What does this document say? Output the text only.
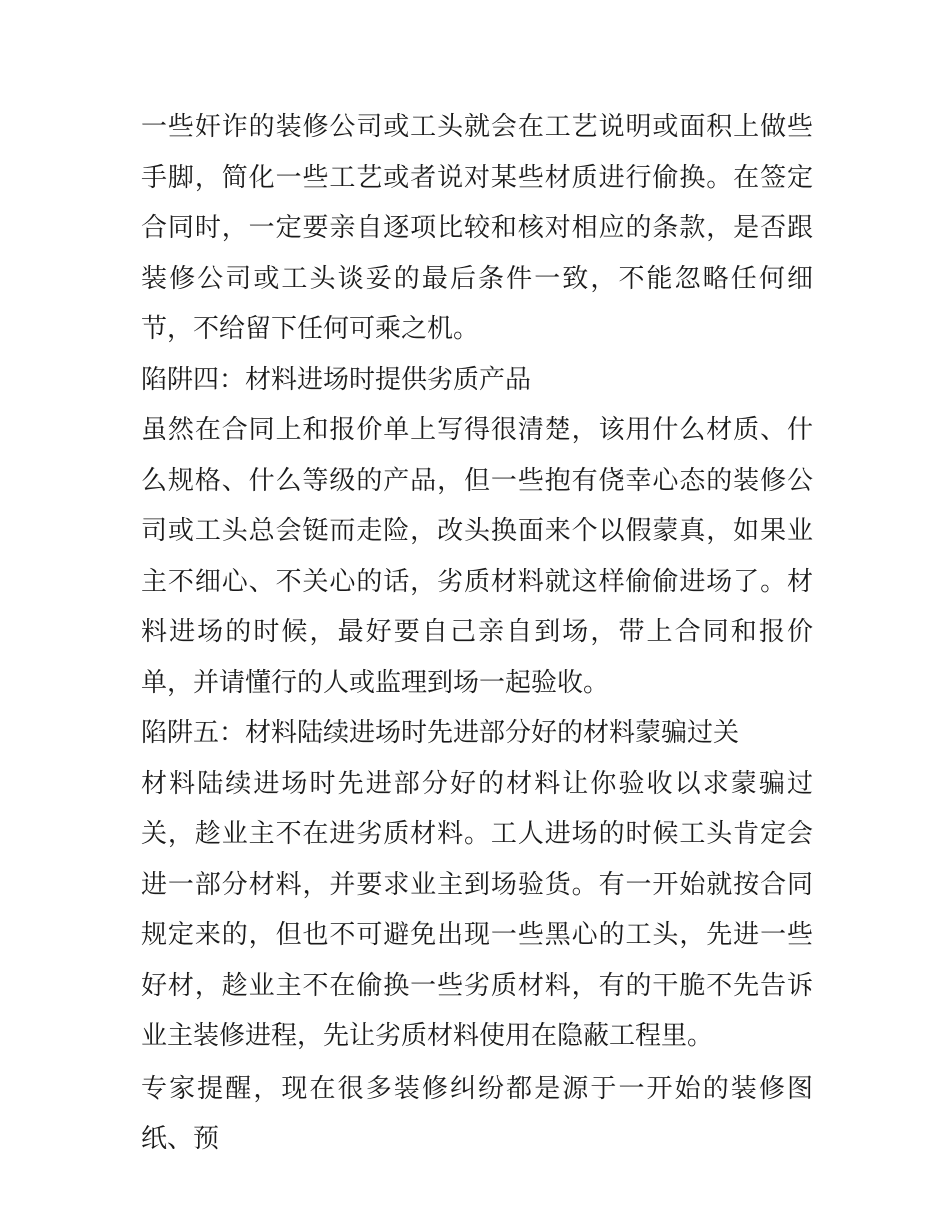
一些奸诈的装修公司或工头就会在工艺说明或面积上做些手脚，简化一些工艺或者说对某些材质进行偷换。在签定合同时，一定要亲自逐项比较和核对相应的条款，是否跟装修公司或工头谈妥的最后条件一致，不能忽略任何细节，不给留下任何可乘之机。

陷阱四：材料进场时提供劣质产品

虽然在合同上和报价单上写得很清楚，该用什么材质、什么规格、什么等级的产品，但一些抱有侥幸心态的装修公司或工头总会铤而走险，改头换面来个以假蒙真，如果业主不细心、不关心的话，劣质材料就这样偷偷进场了。材料进场的时候，最好要自己亲自到场，带上合同和报价单，并请懂行的人或监理到场一起验收。

陷阱五：材料陆续进场时先进部分好的材料蒙骗过关

材料陆续进场时先进部分好的材料让你验收以求蒙骗过关，趁业主不在进劣质材料。工人进场的时候工头肯定会进一部分材料，并要求业主到场验货。有一开始就按合同规定来的，但也不可避免出现一些黑心的工头，先进一些好材，趁业主不在偷换一些劣质材料，有的干脆不先告诉业主装修进程，先让劣质材料使用在隐蔽工程里。

专家提醒，现在很多装修纠纷都是源于一开始的装修图纸、预
